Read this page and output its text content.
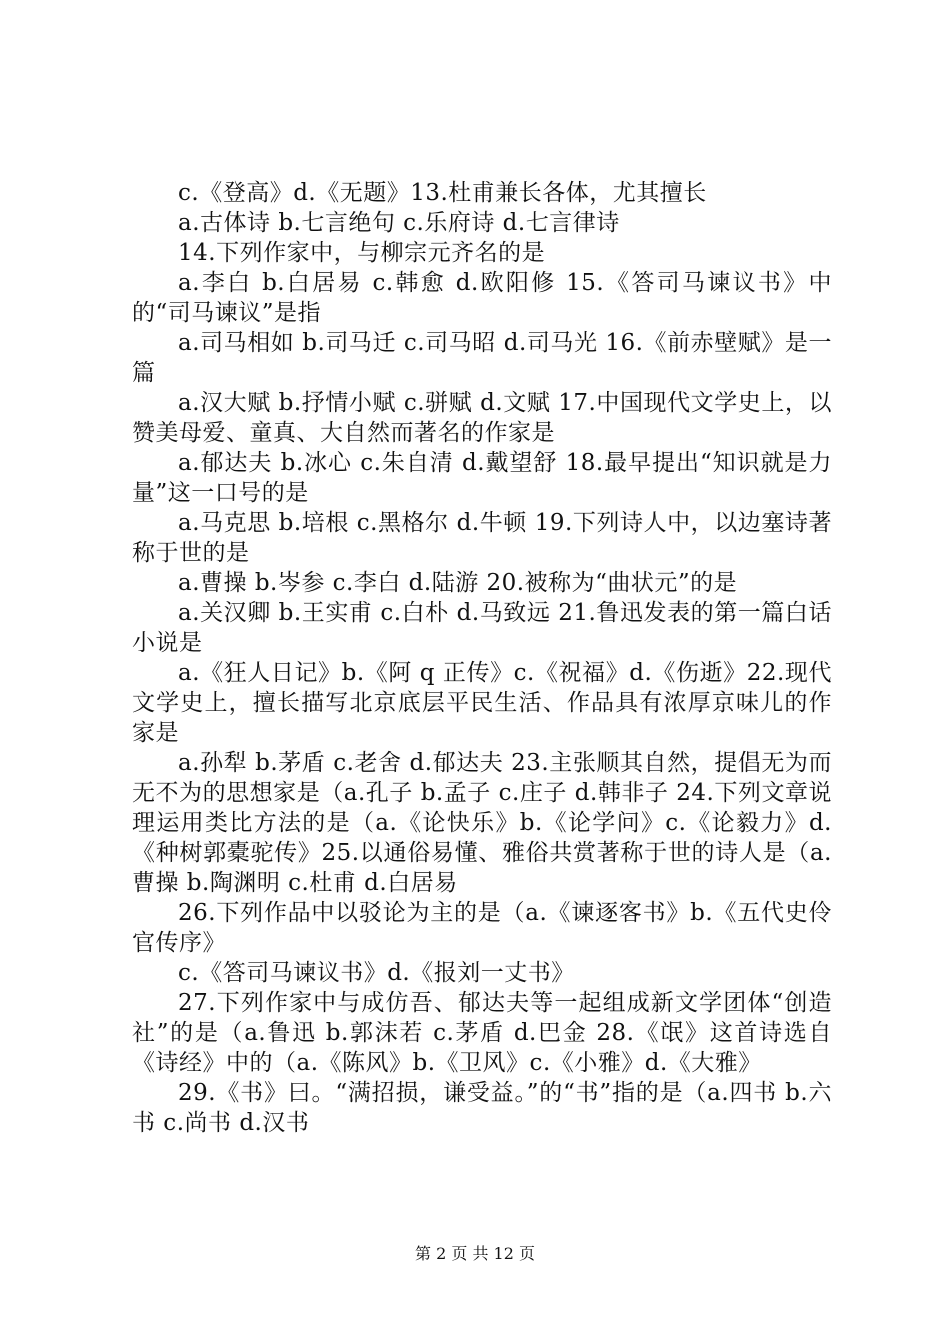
c.《登高》d.《无题》13.杜甫兼长各体，尤其擅长

a.古体诗 b.七言绝句 c.乐府诗 d.七言律诗

14.下列作家中，与柳宗元齐名的是

a.李白 b.白居易 c.韩愈 d.欧阳修 15.《答司马谏议书》中的“司马谏议”是指

a.司马相如 b.司马迁 c.司马昭 d.司马光 16.《前赤壁赋》是一篇

a.汉大赋 b.抒情小赋 c.骈赋 d.文赋 17.中国现代文学史上，以赞美母爱、童真、大自然而著名的作家是

a.郁达夫 b.冰心 c.朱自清 d.戴望舒 18.最早提出“知识就是力量”这一口号的是

a.马克思 b.培根 c.黑格尔 d.牛顿 19.下列诗人中，以边塞诗著称于世的是

a.曹操 b.岑参 c.李白 d.陆游 20.被称为“曲状元”的是

a.关汉卿 b.王实甫 c.白朴 d.马致远 21.鲁迅发表的第一篇白话小说是

a.《狂人日记》b.《阿 q 正传》c.《祝福》d.《伤逝》22.现代文学史上，擅长描写北京底层平民生活、作品具有浓厚京味儿的作家是

a.孙犁 b.茅盾 c.老舍 d.郁达夫 23.主张顺其自然，提倡无为而无不为的思想家是（a.孔子 b.孟子 c.庄子 d.韩非子 24.下列文章说理运用类比方法的是（a.《论快乐》b.《论学问》c.《论毅力》d.《种树郭橐驼传》25.以通俗易懂、雅俗共赏著称于世的诗人是（a.曹操 b.陶渊明 c.杜甫 d.白居易

26.下列作品中以驳论为主的是（a.《谏逐客书》b.《五代史伶官传序》

c.《答司马谏议书》d.《报刘一丈书》

27.下列作家中与成仿吾、郁达夫等一起组成新文学团体“创造社”的是（a.鲁迅 b.郭沫若 c.茅盾 d.巴金 28.《氓》这首诗选自《诗经》中的（a.《陈风》b.《卫风》c.《小雅》d.《大雅》

29.《书》曰。“满招损，谦受益。”的“书”指的是（a.四书 b.六书 c.尚书 d.汉书

第 2 页 共 12 页
